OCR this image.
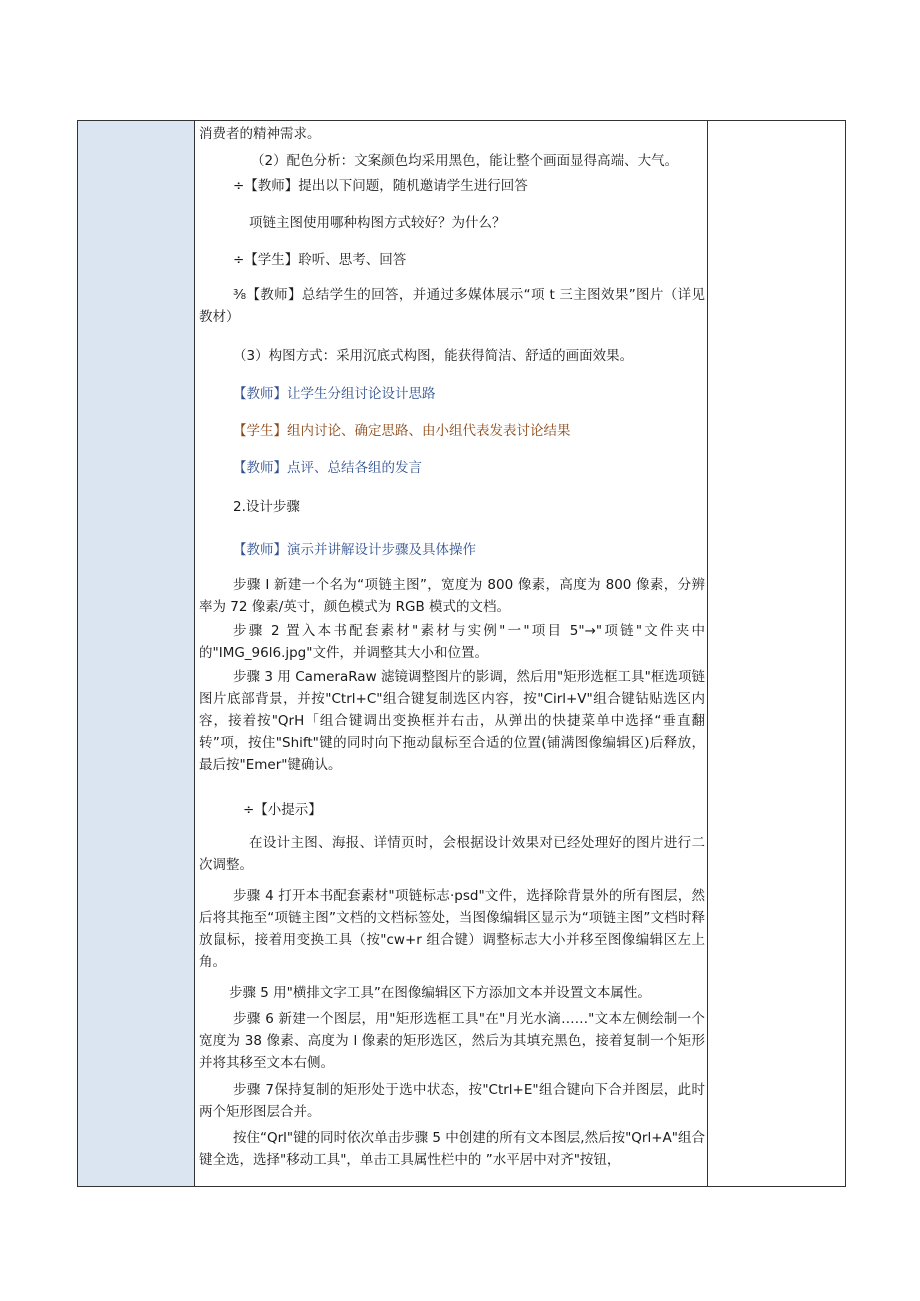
消费者的精神需求。
（2）配色分析：文案颜色均采用黑色，能让整个画面显得高端、大气。
÷【教师】提出以下问题，随机邀请学生进行回答
项链主图使用哪种构图方式较好？为什么？
÷【学生】聆听、思考、回答
⅜【教师】总结学生的回答，并通过多媒体展示“项 t 三主图效果”图片（详见教材）
（3）构图方式：采用沉底式构图，能获得简洁、舒适的画面效果。
【教师】让学生分组讨论设计思路
【学生】组内讨论、确定思路、由小组代表发表讨论结果
【教师】点评、总结各组的发言
2.设计步骤
【教师】演示并讲解设计步骤及具体操作
步骤 I 新建一个名为“项链主图”，宽度为 800 像素，高度为 800 像素，分辨率为 72 像素/英寸，颜色模式为 RGB 模式的文档。
步骤 2 置入本书配套素材"素材与实例"一"项目 5"→"项链"文件夹中的"IMG_96l6.jpg"文件，并调整其大小和位置。
步骤 3 用 CameraRaw 滤镜调整图片的影调，然后用"矩形选框工具"框选项链图片底部背景，并按"Ctrl+C"组合键复制选区内容，按"Cirl+V"组合键钻贴选区内容，接着按"QrH「组合键调出变换框并右击，从弹出的快捷菜单中选择“垂直翻转”项，按住"Shift"键的同时向下拖动鼠标至合适的位置(铺满图像编辑区)后释放，最后按"Emer"键确认。
÷【小提示】
在设计主图、海报、详情页时，会根据设计效果对已经处理好的图片进行二次调整。
步骤 4 打开本书配套素材"项链标志·psd"文件，选择除背景外的所有图层，然后将其拖至“项链主图”文档的文档标签处，当图像编辑区显示为“项链主图”文档时释放鼠标，接着用变换工具（按"cw+r 组合键）调整标志大小并移至图像编辑区左上角。
步骤 5 用"横排文字工具”在图像编辑区下方添加文本并设置文本属性。
步骤 6 新建一个图层，用"矩形选框工具"在"月光水滴……"文本左侧绘制一个宽度为 38 像素、高度为 l 像素的矩形选区，然后为其填充黑色，接着复制一个矩形并将其移至文本右侧。
步骤 7保持复制的矩形处于选中状态，按"Ctrl+E"组合键向下合并图层，此时两个矩形图层合并。
按住“Qrl"键的同时依次单击步骤 5 中创建的所有文本图层,然后按"Qrl+A"组合键全选，选择"移动工具"，单击工具属性栏中的 ”水平居中对齐"按钮，
